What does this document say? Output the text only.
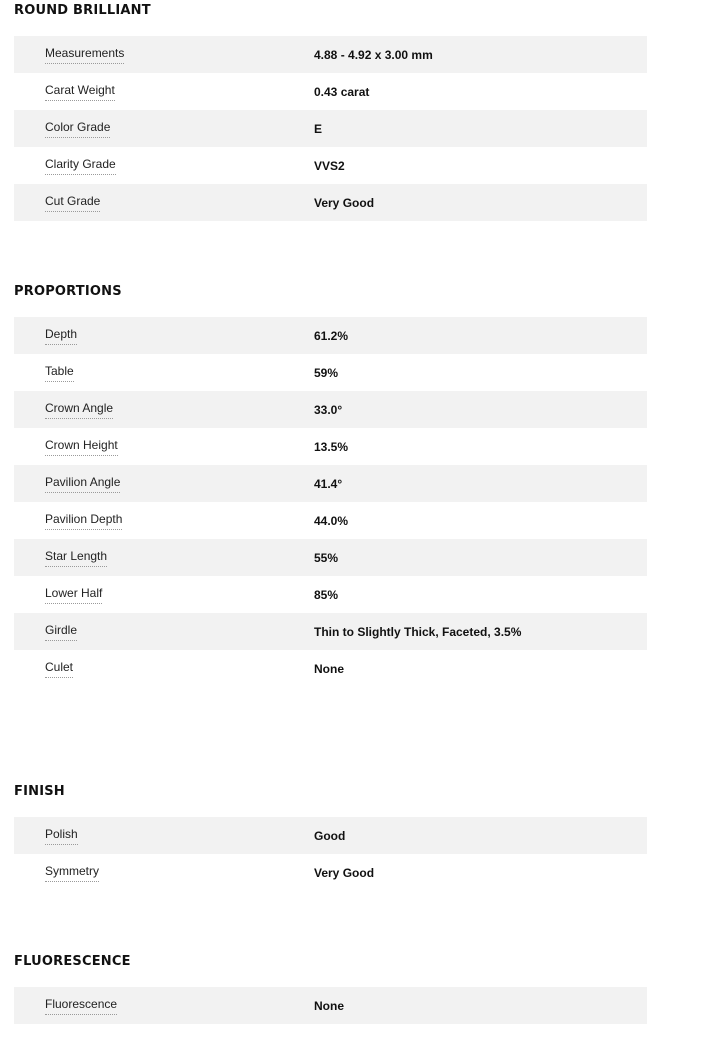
ROUND BRILLIANT
Measurements	4.88 - 4.92 x 3.00 mm
Carat Weight	0.43 carat
Color Grade	E
Clarity Grade	VVS2
Cut Grade	Very Good
PROPORTIONS
Depth	61.2%
Table	59%
Crown Angle	33.0°
Crown Height	13.5%
Pavilion Angle	41.4°
Pavilion Depth	44.0%
Star Length	55%
Lower Half	85%
Girdle	Thin to Slightly Thick, Faceted, 3.5%
Culet	None
FINISH
Polish	Good
Symmetry	Very Good
FLUORESCENCE
Fluorescence	None
